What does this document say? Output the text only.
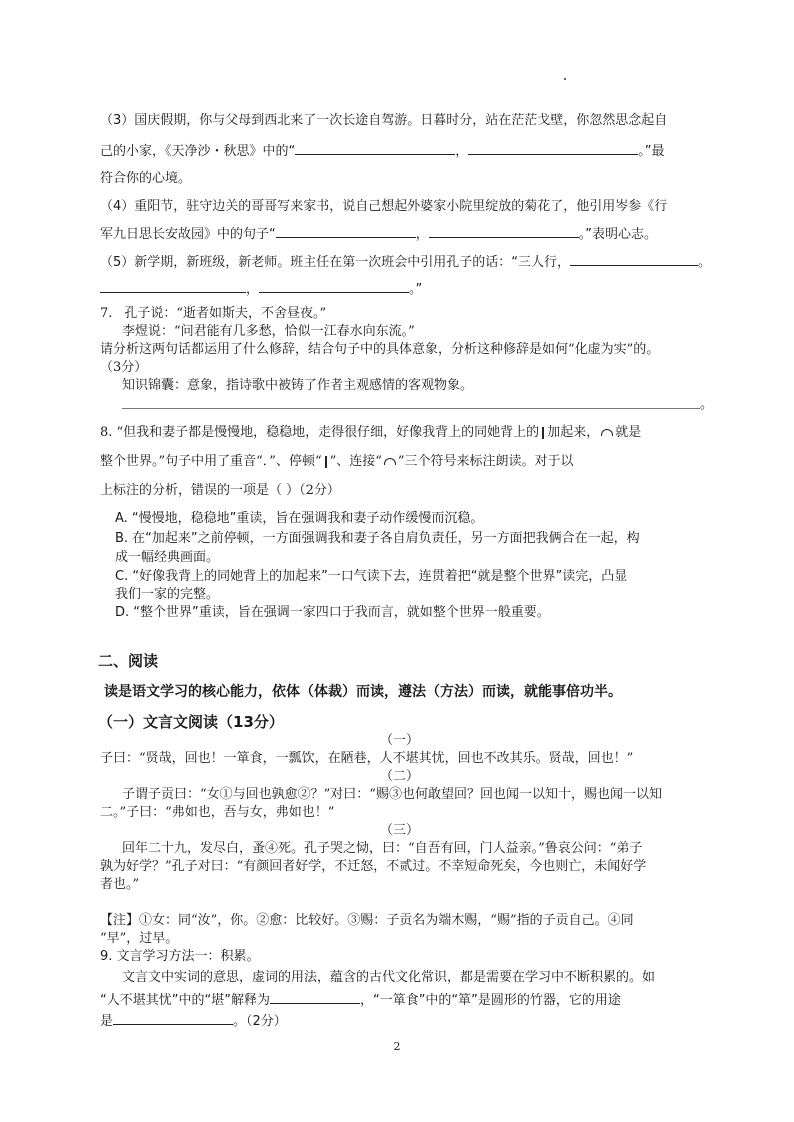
（3）国庆假期，你与父母到西北来了一次长途自驾游。日暮时分，站在茫茫戈壁，你忽然思念起自
己的小家，《天净沙・秋思》中的“	，	。”最
符合你的心境。
（4）重阳节，驻守边关的哥哥写来家书，说自己想起外婆家小院里绽放的菊花了，他引用岑参《行
军九日思长安故园》中的句子“	，	。”表明心志。
（5）新学期，新班级，新老师。班主任在第一次班会中引用孔子的话：“三人行，	。
，	。”
7. 孔子说：“逝者如斯夫，不舍昼夜。”
李煜说：“问君能有几多愁，恰似一江春水向东流。”
请分析这两句话都运用了什么修辞，结合句子中的具体意象，分析这种修辞是如何“化虚为实”的。
（3分）
知识锦囊：意象，指诗歌中被铸了作者主观感情的客观物象。
。
8. “但我和妻子都是慢慢地，稳稳地，走得很仔细，好像我背上的同她背上的 加起来， 就是
整个世界。”句子中用了重音“．”、停顿“ ”、连接“ ”三个符号来标注朗读。对于以
上标注的分析，错误的一项是（ ）（2分）
A. “慢慢地，稳稳地”重读，旨在强调我和妻子动作缓慢而沉稳。
B. 在“加起来”之前停顿，一方面强调我和妻子各自肩负责任，另一方面把我俩合在一起，构
成一幅经典画面。
C. “好像我背上的同她背上的加起来”一口气读下去，连贯着把“就是整个世界”读完，凸显
我们一家的完整。
D. “整个世界”重读，旨在强调一家四口于我而言，就如整个世界一般重要。
二、阅读
读是语文学习的核心能力，依体（体裁）而读，遵法（方法）而读，就能事倍功半。
（一）文言文阅读（13分）
（一）
子曰：“贤哉，回也！一箪食，一瓢饮，在陋巷，人不堪其忧，回也不改其乐。贤哉，回也！”
（二）
子谓子贡曰：“女①与回也孰愈②？”对曰：“赐③也何敢望回？回也闻一以知十，赐也闻一以知
二。”子曰：“弗如也，吾与女，弗如也！”
（三）
回年二十九，发尽白，蚤④死。孔子哭之恸，曰：“自吾有回，门人益亲。”鲁哀公问：“弟子
孰为好学？”孔子对曰：“有颜回者好学，不迁怒，不贰过。不幸短命死矣，今也则亡，未闻好学
者也。”
【注】①女：同“汝”，你。②愈：比较好。③赐：子贡名为端木赐，“赐”指的子贡自己。④同
“早”，过早。
9. 文言学习方法一：积累。
文言文中实词的意思，虚词的用法，蕴含的古代文化常识，都是需要在学习中不断积累的。如
“人不堪其忧”中的“堪”解释为	，“一箪食”中的“箪”是圆形的竹器，它的用途
是	。（2分）
2
